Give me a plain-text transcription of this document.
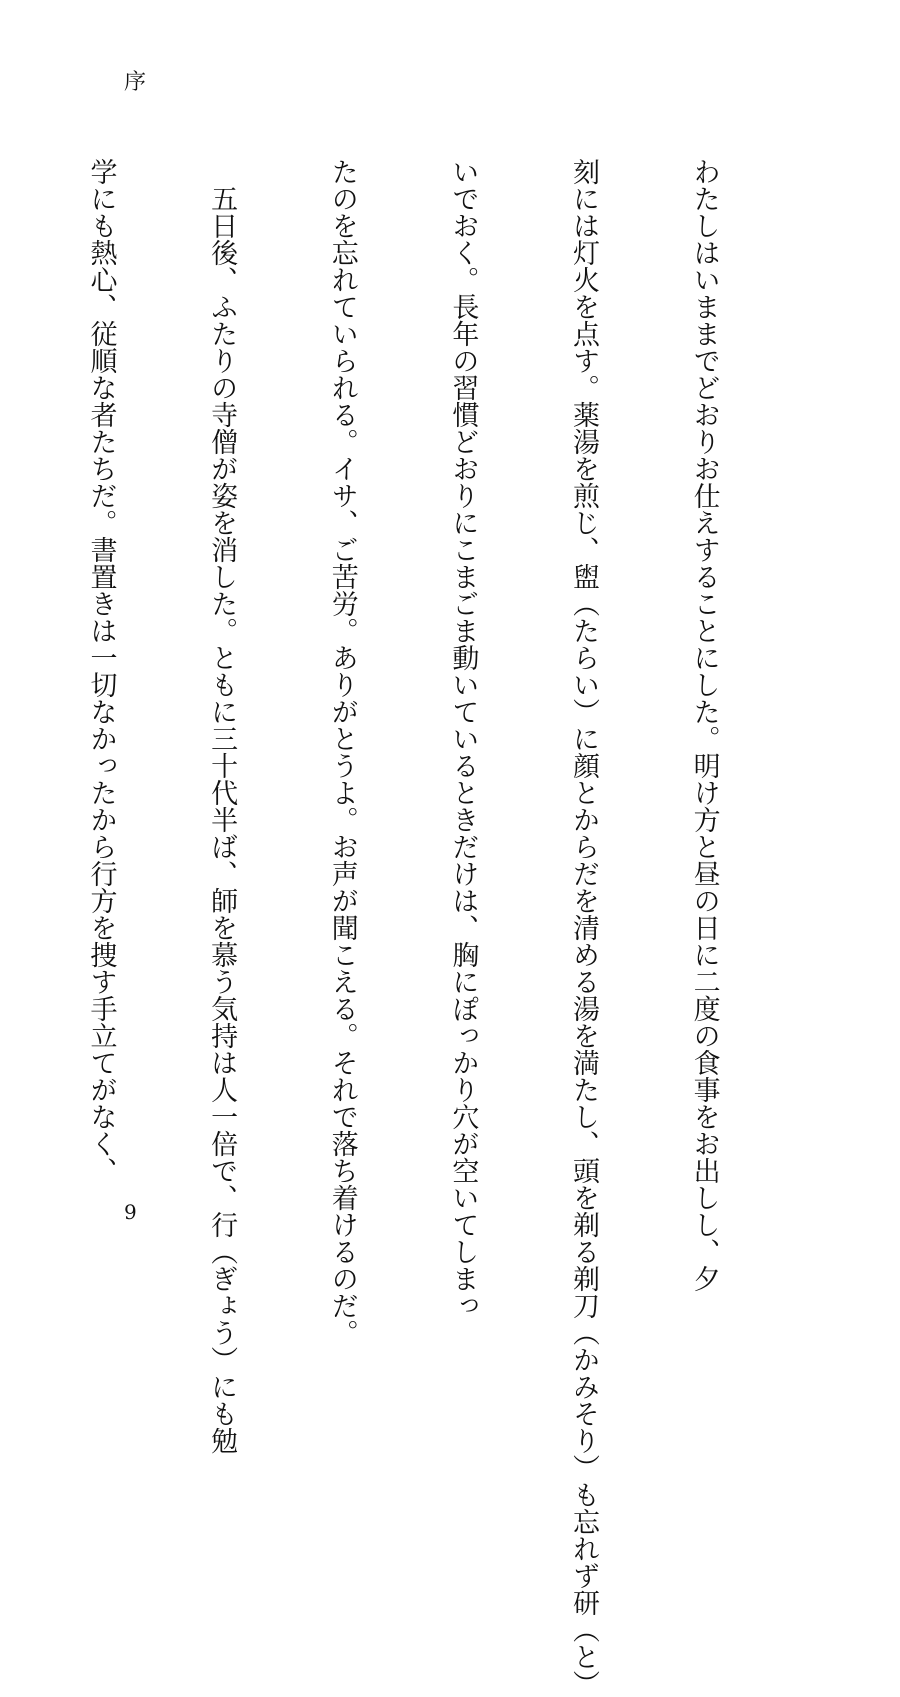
序

わたしはいままでどおりお仕えすることにした。明け方と昼の日に二度の食事をお出しし、夕

刻には灯火を点す。薬湯を煎じ、盥（たらい）に顔とからだを清める湯を満たし、頭を剃る剃刀（かみそり）も忘れず研（と）

いでおく。長年の習慣どおりにこまごま動いているときだけは、胸にぽっかり穴が空いてしまっ

たのを忘れていられる。イサ、ご苦労。ありがとうよ。お声が聞こえる。それで落ち着けるのだ。

五日後、ふたりの寺僧が姿を消した。ともに三十代半ば、師を慕う気持は人一倍で、行（ぎょう）にも勉

学にも熱心、従順な者たちだ。書置きは一切なかったから行方を捜す手立てがなく、

9
